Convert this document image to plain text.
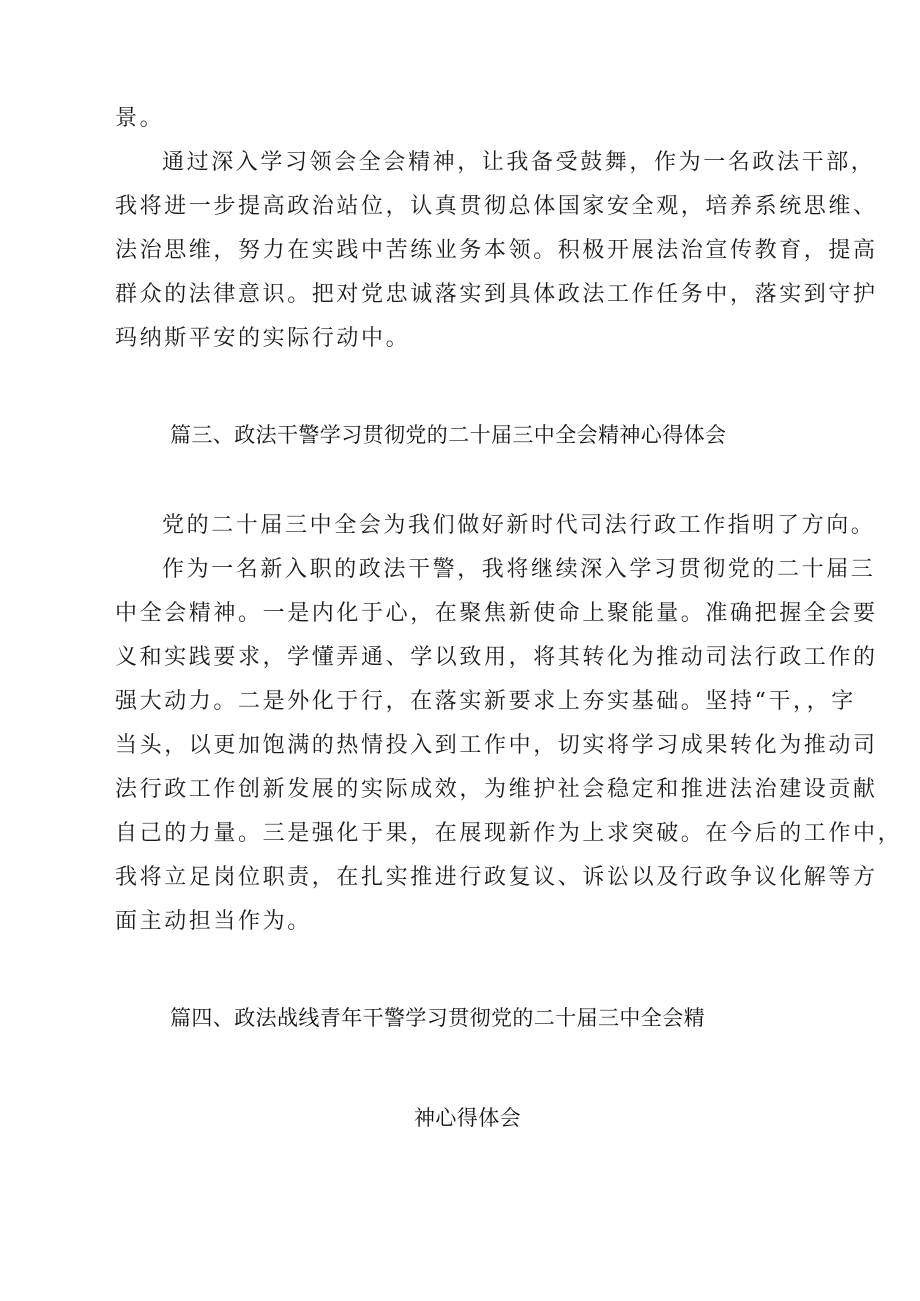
景。
通过深入学习领会全会精神，让我备受鼓舞，作为一名政法干部，
我将进一步提高政治站位，认真贯彻总体国家安全观，培养系统思维、
法治思维，努力在实践中苦练业务本领。积极开展法治宣传教育，提高
群众的法律意识。把对党忠诚落实到具体政法工作任务中，落实到守护
玛纳斯平安的实际行动中。
篇三、政法干警学习贯彻党的二十届三中全会精神心得体会
党的二十届三中全会为我们做好新时代司法行政工作指明了方向。
作为一名新入职的政法干警，我将继续深入学习贯彻党的二十届三
中全会精神。一是内化于心，在聚焦新使命上聚能量。准确把握全会要
义和实践要求，学懂弄通、学以致用，将其转化为推动司法行政工作的
强大动力。二是外化于行，在落实新要求上夯实基础。坚持“干，，字
当头，以更加饱满的热情投入到工作中，切实将学习成果转化为推动司
法行政工作创新发展的实际成效，为维护社会稳定和推进法治建设贡献
自己的力量。三是强化于果，在展现新作为上求突破。在今后的工作中，
我将立足岗位职责，在扎实推进行政复议、诉讼以及行政争议化解等方
面主动担当作为。
篇四、政法战线青年干警学习贯彻党的二十届三中全会精
神心得体会
